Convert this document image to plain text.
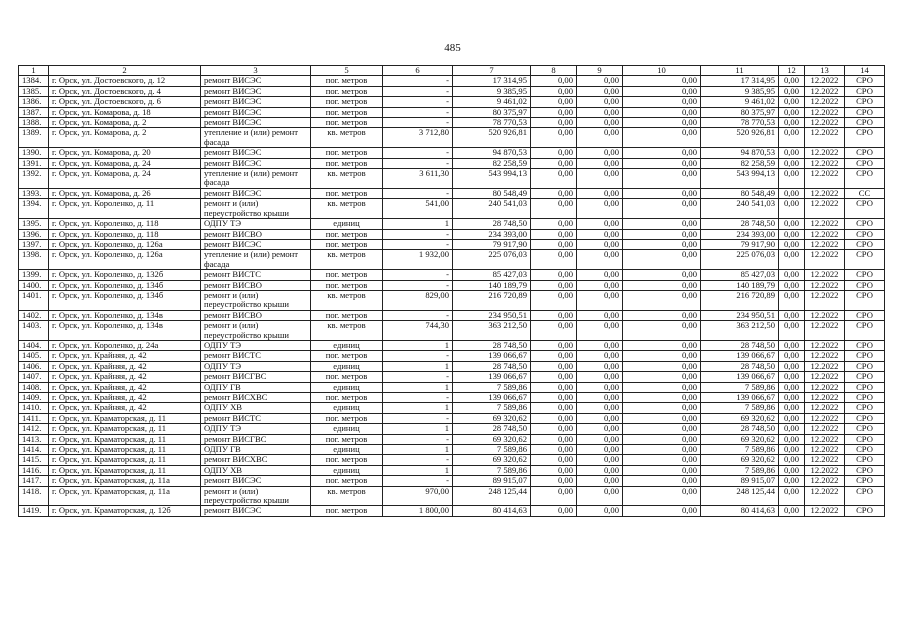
485
1	2	3	5	6	7	8	9	10	11	12	13	14
1384.	г. Орск, ул. Достоевского, д. 12	ремонт ВИСЭС	пог. метров	-	17 314,95	0,00	0,00	0,00	17 314,95	0,00	12.2022	СРО
1385.	г. Орск, ул. Достоевского, д. 4	ремонт ВИСЭС	пог. метров	-	9 385,95	0,00	0,00	0,00	9 385,95	0,00	12.2022	СРО
1386.	г. Орск, ул. Достоевского, д. 6	ремонт ВИСЭС	пог. метров	-	9 461,02	0,00	0,00	0,00	9 461,02	0,00	12.2022	СРО
1387.	г. Орск, ул. Комарова, д. 18	ремонт ВИСЭС	пог. метров	-	80 375,97	0,00	0,00	0,00	80 375,97	0,00	12.2022	СРО
1388.	г. Орск, ул. Комарова, д. 2	ремонт ВИСЭС	пог. метров	-	78 770,53	0,00	0,00	0,00	78 770,53	0,00	12.2022	СРО
1389.	г. Орск, ул. Комарова, д. 2	утепление и (или) ремонт фасада	кв. метров	3 712,80	520 926,81	0,00	0,00	0,00	520 926,81	0,00	12.2022	СРО
1390.	г. Орск, ул. Комарова, д. 20	ремонт ВИСЭС	пог. метров	-	94 870,53	0,00	0,00	0,00	94 870,53	0,00	12.2022	СРО
1391.	г. Орск, ул. Комарова, д. 24	ремонт ВИСЭС	пог. метров	-	82 258,59	0,00	0,00	0,00	82 258,59	0,00	12.2022	СРО
1392.	г. Орск, ул. Комарова, д. 24	утепление и (или) ремонт фасада	кв. метров	3 611,30	543 994,13	0,00	0,00	0,00	543 994,13	0,00	12.2022	СРО
1393.	г. Орск, ул. Комарова, д. 26	ремонт ВИСЭС	пог. метров	-	80 548,49	0,00	0,00	0,00	80 548,49	0,00	12.2022	СС
1394.	г. Орск, ул. Короленко, д. 11	ремонт и (или) переустройство крыши	кв. метров	541,00	240 541,03	0,00	0,00	0,00	240 541,03	0,00	12.2022	СРО
1395.	г. Орск, ул. Короленко, д. 118	ОДПУ ТЭ	единиц	1	28 748,50	0,00	0,00	0,00	28 748,50	0,00	12.2022	СРО
1396.	г. Орск, ул. Короленко, д. 118	ремонт ВИСВО	пог. метров	-	234 393,00	0,00	0,00	0,00	234 393,00	0,00	12.2022	СРО
1397.	г. Орск, ул. Короленко, д. 126а	ремонт ВИСЭС	пог. метров	-	79 917,90	0,00	0,00	0,00	79 917,90	0,00	12.2022	СРО
1398.	г. Орск, ул. Короленко, д. 126а	утепление и (или) ремонт фасада	кв. метров	1 932,00	225 076,03	0,00	0,00	0,00	225 076,03	0,00	12.2022	СРО
1399.	г. Орск, ул. Короленко, д. 132б	ремонт ВИСТС	пог. метров	-	85 427,03	0,00	0,00	0,00	85 427,03	0,00	12.2022	СРО
1400.	г. Орск, ул. Короленко, д. 134б	ремонт ВИСВО	пог. метров	-	140 189,79	0,00	0,00	0,00	140 189,79	0,00	12.2022	СРО
1401.	г. Орск, ул. Короленко, д. 134б	ремонт и (или) переустройство крыши	кв. метров	829,00	216 720,89	0,00	0,00	0,00	216 720,89	0,00	12.2022	СРО
1402.	г. Орск, ул. Короленко, д. 134в	ремонт ВИСВО	пог. метров	-	234 950,51	0,00	0,00	0,00	234 950,51	0,00	12.2022	СРО
1403.	г. Орск, ул. Короленко, д. 134в	ремонт и (или) переустройство крыши	кв. метров	744,30	363 212,50	0,00	0,00	0,00	363 212,50	0,00	12.2022	СРО
1404.	г. Орск, ул. Короленко, д. 24а	ОДПУ ТЭ	единиц	1	28 748,50	0,00	0,00	0,00	28 748,50	0,00	12.2022	СРО
1405.	г. Орск, ул. Крайняя, д. 42	ремонт ВИСТС	пог. метров	-	139 066,67	0,00	0,00	0,00	139 066,67	0,00	12.2022	СРО
1406.	г. Орск, ул. Крайняя, д. 42	ОДПУ ТЭ	единиц	1	28 748,50	0,00	0,00	0,00	28 748,50	0,00	12.2022	СРО
1407.	г. Орск, ул. Крайняя, д. 42	ремонт ВИСГВС	пог. метров	-	139 066,67	0,00	0,00	0,00	139 066,67	0,00	12.2022	СРО
1408.	г. Орск, ул. Крайняя, д. 42	ОДПУ ГВ	единиц	1	7 589,86	0,00	0,00	0,00	7 589,86	0,00	12.2022	СРО
1409.	г. Орск, ул. Крайняя, д. 42	ремонт ВИСХВС	пог. метров	-	139 066,67	0,00	0,00	0,00	139 066,67	0,00	12.2022	СРО
1410.	г. Орск, ул. Крайняя, д. 42	ОДПУ ХВ	единиц	1	7 589,86	0,00	0,00	0,00	7 589,86	0,00	12.2022	СРО
1411.	г. Орск, ул. Краматорская, д. 11	ремонт ВИСТС	пог. метров	-	69 320,62	0,00	0,00	0,00	69 320,62	0,00	12.2022	СРО
1412.	г. Орск, ул. Краматорская, д. 11	ОДПУ ТЭ	единиц	1	28 748,50	0,00	0,00	0,00	28 748,50	0,00	12.2022	СРО
1413.	г. Орск, ул. Краматорская, д. 11	ремонт ВИСГВС	пог. метров	-	69 320,62	0,00	0,00	0,00	69 320,62	0,00	12.2022	СРО
1414.	г. Орск, ул. Краматорская, д. 11	ОДПУ ГВ	единиц	1	7 589,86	0,00	0,00	0,00	7 589,86	0,00	12.2022	СРО
1415.	г. Орск, ул. Краматорская, д. 11	ремонт ВИСХВС	пог. метров	-	69 320,62	0,00	0,00	0,00	69 320,62	0,00	12.2022	СРО
1416.	г. Орск, ул. Краматорская, д. 11	ОДПУ ХВ	единиц	1	7 589,86	0,00	0,00	0,00	7 589,86	0,00	12.2022	СРО
1417.	г. Орск, ул. Краматорская, д. 11а	ремонт ВИСЭС	пог. метров	-	89 915,07	0,00	0,00	0,00	89 915,07	0,00	12.2022	СРО
1418.	г. Орск, ул. Краматорская, д. 11а	ремонт и (или) переустройство крыши	кв. метров	970,00	248 125,44	0,00	0,00	0,00	248 125,44	0,00	12.2022	СРО
1419.	г. Орск, ул. Краматорская, д. 12б	ремонт ВИСЭС	пог. метров	1 800,00	80 414,63	0,00	0,00	0,00	80 414,63	0,00	12.2022	СРО
